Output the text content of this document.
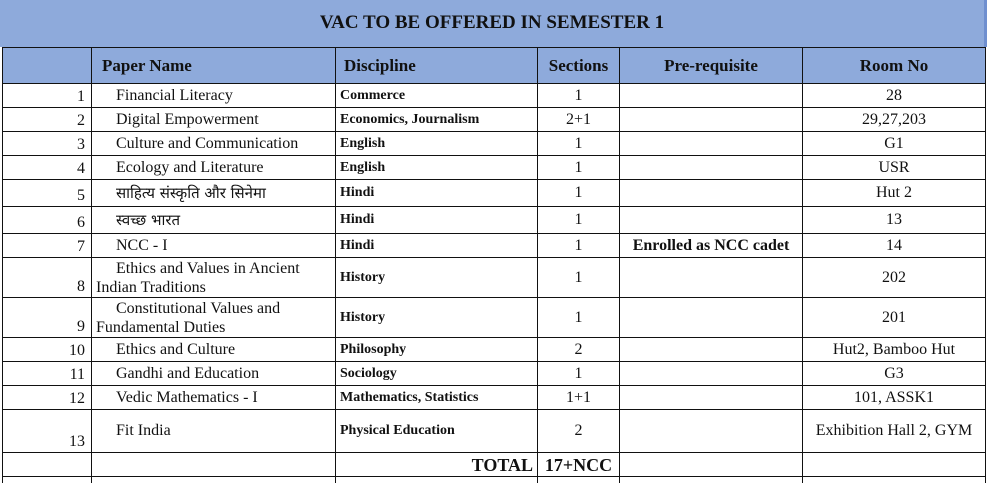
VAC TO BE OFFERED IN SEMESTER 1
	Paper Name	Discipline	Sections	Pre-requisite	Room No
1	Financial Literacy	Commerce	1		28
2	Digital Empowerment	Economics, Journalism	2+1		29,27,203
3	Culture and Communication	English	1		G1
4	Ecology and Literature	English	1		USR
5	साहित्य संस्कृति और सिनेमा	Hindi	1		Hut 2
6	स्वच्छ भारत	Hindi	1		13
7	NCC - I	Hindi	1	Enrolled as NCC cadet	14
8	Ethics and Values in Ancient Indian Traditions	History	1		202
9	Constitutional Values and Fundamental Duties	History	1		201
10	Ethics and Culture	Philosophy	2		Hut2, Bamboo Hut
11	Gandhi and Education	Sociology	1		G3
12	Vedic Mathematics - I	Mathematics, Statistics	1+1		101, ASSK1
13	Fit India	Physical Education	2		Exhibition Hall 2, GYM
		TOTAL	17+NCC		
